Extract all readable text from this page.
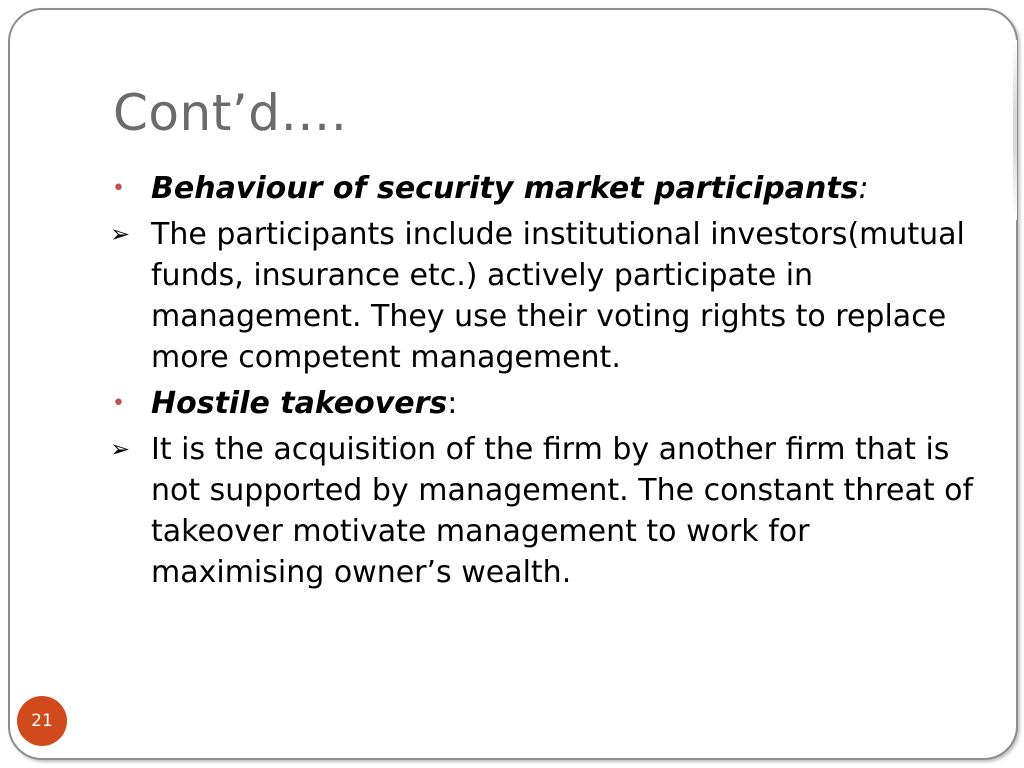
Cont’d….
• Behaviour of security market participants:
➢ The participants include institutional investors(mutual funds, insurance etc.) actively participate in management. They use their voting rights to replace more competent management.
• Hostile takeovers:
➢ It is the acquisition of the firm by another firm that is not supported by management. The constant threat of takeover motivate management to work for maximising owner’s wealth.
21
